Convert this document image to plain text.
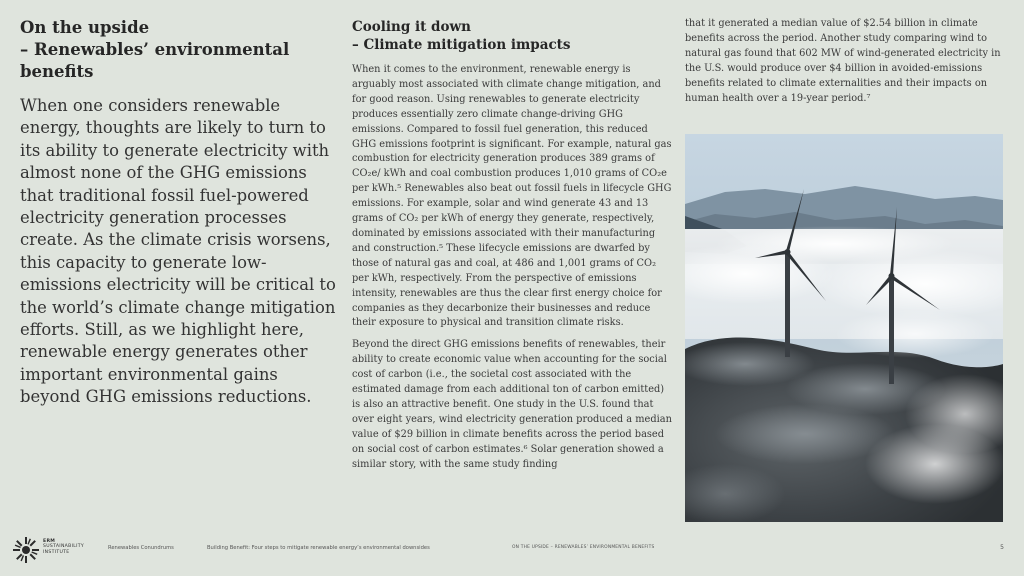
On the upside
– Renewables’ environmental benefits

When one considers renewable energy, thoughts are likely to turn to its ability to generate electricity with almost none of the GHG emissions that traditional fossil fuel-powered electricity generation processes create. As the climate crisis worsens, this capacity to generate low-emissions electricity will be critical to the world’s climate change mitigation efforts. Still, as we highlight here, renewable energy generates other important environmental gains beyond GHG emissions reductions.

Cooling it down
– Climate mitigation impacts

When it comes to the environment, renewable energy is arguably most associated with climate change mitigation, and for good reason. Using renewables to generate electricity produces essentially zero climate change-driving GHG emissions. Compared to fossil fuel generation, this reduced GHG emissions footprint is significant. For example, natural gas combustion for electricity generation produces 389 grams of CO₂e/ kWh and coal combustion produces 1,010 grams of CO₂e per kWh.⁵ Renewables also beat out fossil fuels in lifecycle GHG emissions. For example, solar and wind generate 43 and 13 grams of CO₂ per kWh of energy they generate, respectively, dominated by emissions associated with their manufacturing and construction.⁵ These lifecycle emissions are dwarfed by those of natural gas and coal, at 486 and 1,001 grams of CO₂ per kWh, respectively. From the perspective of emissions intensity, renewables are thus the clear first energy choice for companies as they decarbonize their businesses and reduce their exposure to physical and transition climate risks.

Beyond the direct GHG emissions benefits of renewables, their ability to create economic value when accounting for the social cost of carbon (i.e., the societal cost associated with the estimated damage from each additional ton of carbon emitted) is also an attractive benefit. One study in the U.S. found that over eight years, wind electricity generation produced a median value of $29 billion in climate benefits across the period based on social cost of carbon estimates.⁶ Solar generation showed a similar story, with the same study finding

that it generated a median value of $2.54 billion in climate benefits across the period. Another study comparing wind to natural gas found that 602 MW of wind-generated electricity in the U.S. would produce over $4 billion in avoided-emissions benefits related to climate externalities and their impacts on human health over a 19-year period.⁷

ERM
SUSTAINABILITY
INSTITUTE
Renewables Conundrums	Building Benefit: Four steps to mitigate renewable energy’s environmental downsides	ON THE UPSIDE – RENEWABLES’ ENVIRONMENTAL BENEFITS	5
